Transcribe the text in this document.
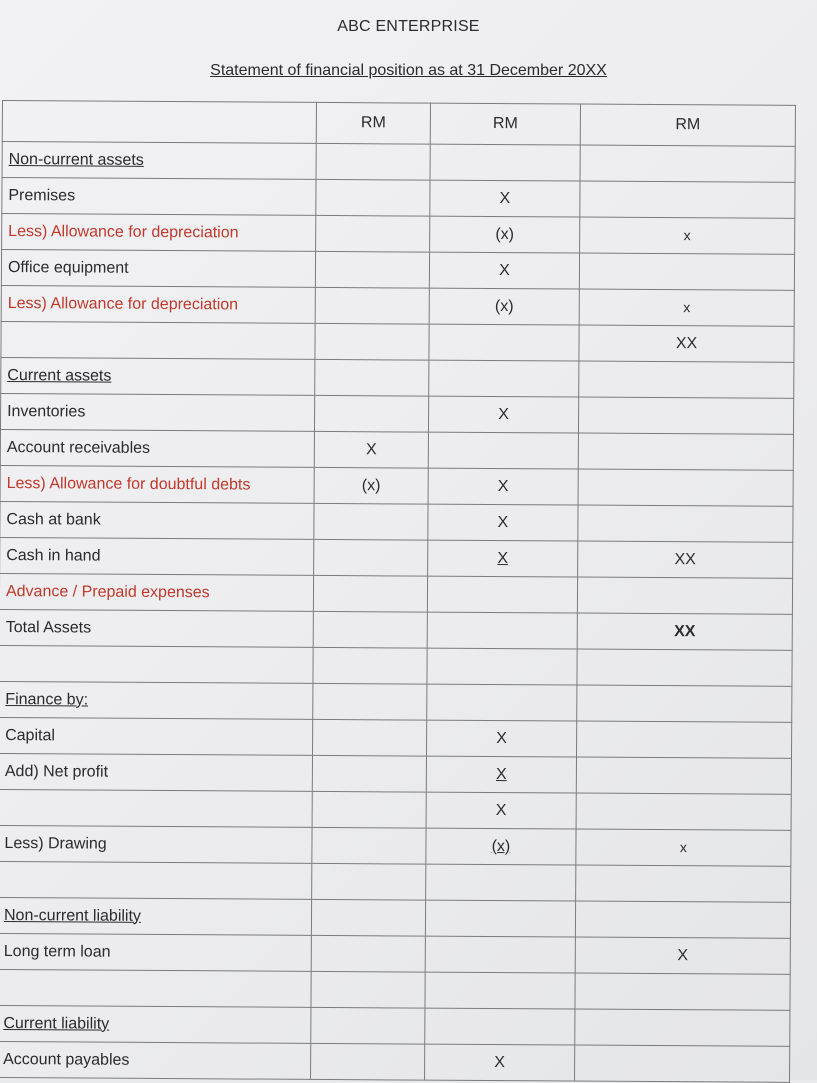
ABC ENTERPRISE
Statement of financial position as at 31 December 20XX
	RM	RM	RM
Non-current assets			
Premises		X	
Less) Allowance for depreciation		(x)	x
Office equipment		X	
Less) Allowance for depreciation		(x)	x
			XX
Current assets			
Inventories		X	
Account receivables	X		
Less) Allowance for doubtful debts	(x)	X	
Cash at bank		X	
Cash in hand		X	XX
Advance / Prepaid expenses			
Total Assets			XX

Finance by:			
Capital		X	
Add) Net profit		X	
		X	
Less) Drawing		(x)	x

Non-current liability			
Long term loan			X

Current liability			
Account payables		X	
